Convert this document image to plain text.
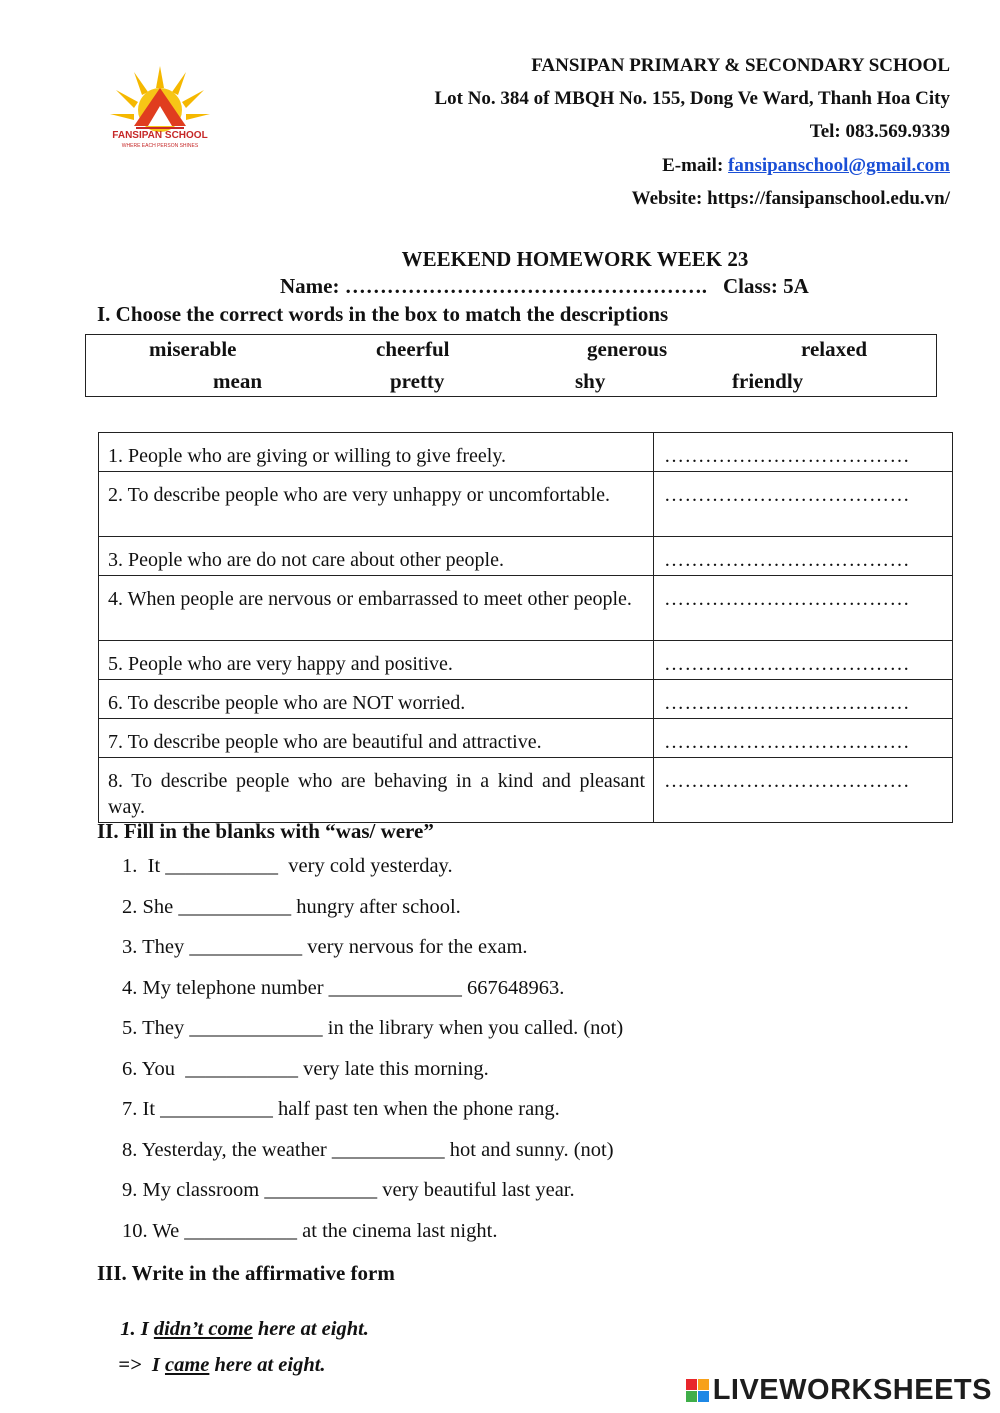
FANSIPAN SCHOOL
WHERE EACH PERSON SHINES
FANSIPAN PRIMARY & SECONDARY SCHOOL
Lot No. 384 of MBQH No. 155, Dong Ve Ward, Thanh Hoa City
Tel: 083.569.9339
E-mail: fansipanschool@gmail.com
Website: https://fansipanschool.edu.vn/
WEEKEND HOMEWORK WEEK 23
Name: ……………………………………………. Class: 5A
I. Choose the correct words in the box to match the descriptions
miserable	cheerful	generous	relaxed
mean	pretty	shy	friendly
1. People who are giving or willing to give freely.	………………………………
2. To describe people who are very unhappy or uncomfortable.	………………………………
3. People who are do not care about other people.	………………………………
4. When people are nervous or embarrassed to meet other people.	………………………………
5. People who are very happy and positive.	………………………………
6. To describe people who are NOT worried.	………………………………
7. To describe people who are beautiful and attractive.	………………………………
8. To describe people who are behaving in a kind and pleasant way.	………………………………
II. Fill in the blanks with “was/ were”
1.  It ___________  very cold yesterday.
2. She ___________ hungry after school.
3. They ___________ very nervous for the exam.
4. My telephone number _____________ 667648963.
5. They _____________ in the library when you called. (not)
6. You  ___________ very late this morning.
7. It ___________ half past ten when the phone rang.
8. Yesterday, the weather ___________ hot and sunny. (not)
9. My classroom ___________ very beautiful last year.
10. We ___________ at the cinema last night.
III. Write in the affirmative form

1. I didn’t come here at eight.

=>  I came here at eight.

LIVEWORKSHEETS
